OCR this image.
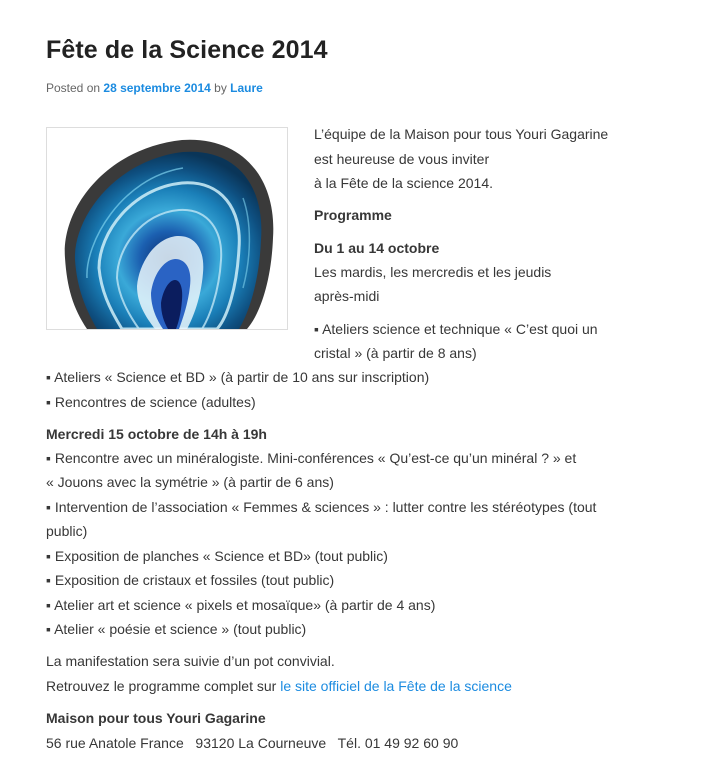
Fête de la Science 2014
Posted on 28 septembre 2014 by Laure
L’équipe de la Maison pour tous Youri Gagarine
est heureuse de vous inviter
à la Fête de la science 2014.
Programme
Du 1 au 14 octobre
Les mardis, les mercredis et les jeudis
après-midi
▪ Ateliers science et technique « C’est quoi un
cristal » (à partir de 8 ans)
▪ Ateliers « Science et BD » (à partir de 10 ans sur inscription)
▪ Rencontres de science (adultes)
Mercredi 15 octobre de 14h à 19h
▪ Rencontre avec un minéralogiste. Mini-conférences « Qu’est-ce qu’un minéral ? » et
« Jouons avec la symétrie » (à partir de 6 ans)
▪ Intervention de l’association « Femmes & sciences » : lutter contre les stéréotypes (tout
public)
▪ Exposition de planches « Science et BD» (tout public)
▪ Exposition de cristaux et fossiles (tout public)
▪ Atelier art et science « pixels et mosaïque» (à partir de 4 ans)
▪ Atelier « poésie et science » (tout public)
La manifestation sera suivie d’un pot convivial.
Retrouvez le programme complet sur le site officiel de la Fête de la science
Maison pour tous Youri Gagarine
56 rue Anatole France   93120 La Courneuve   Tél. 01 49 92 60 90
